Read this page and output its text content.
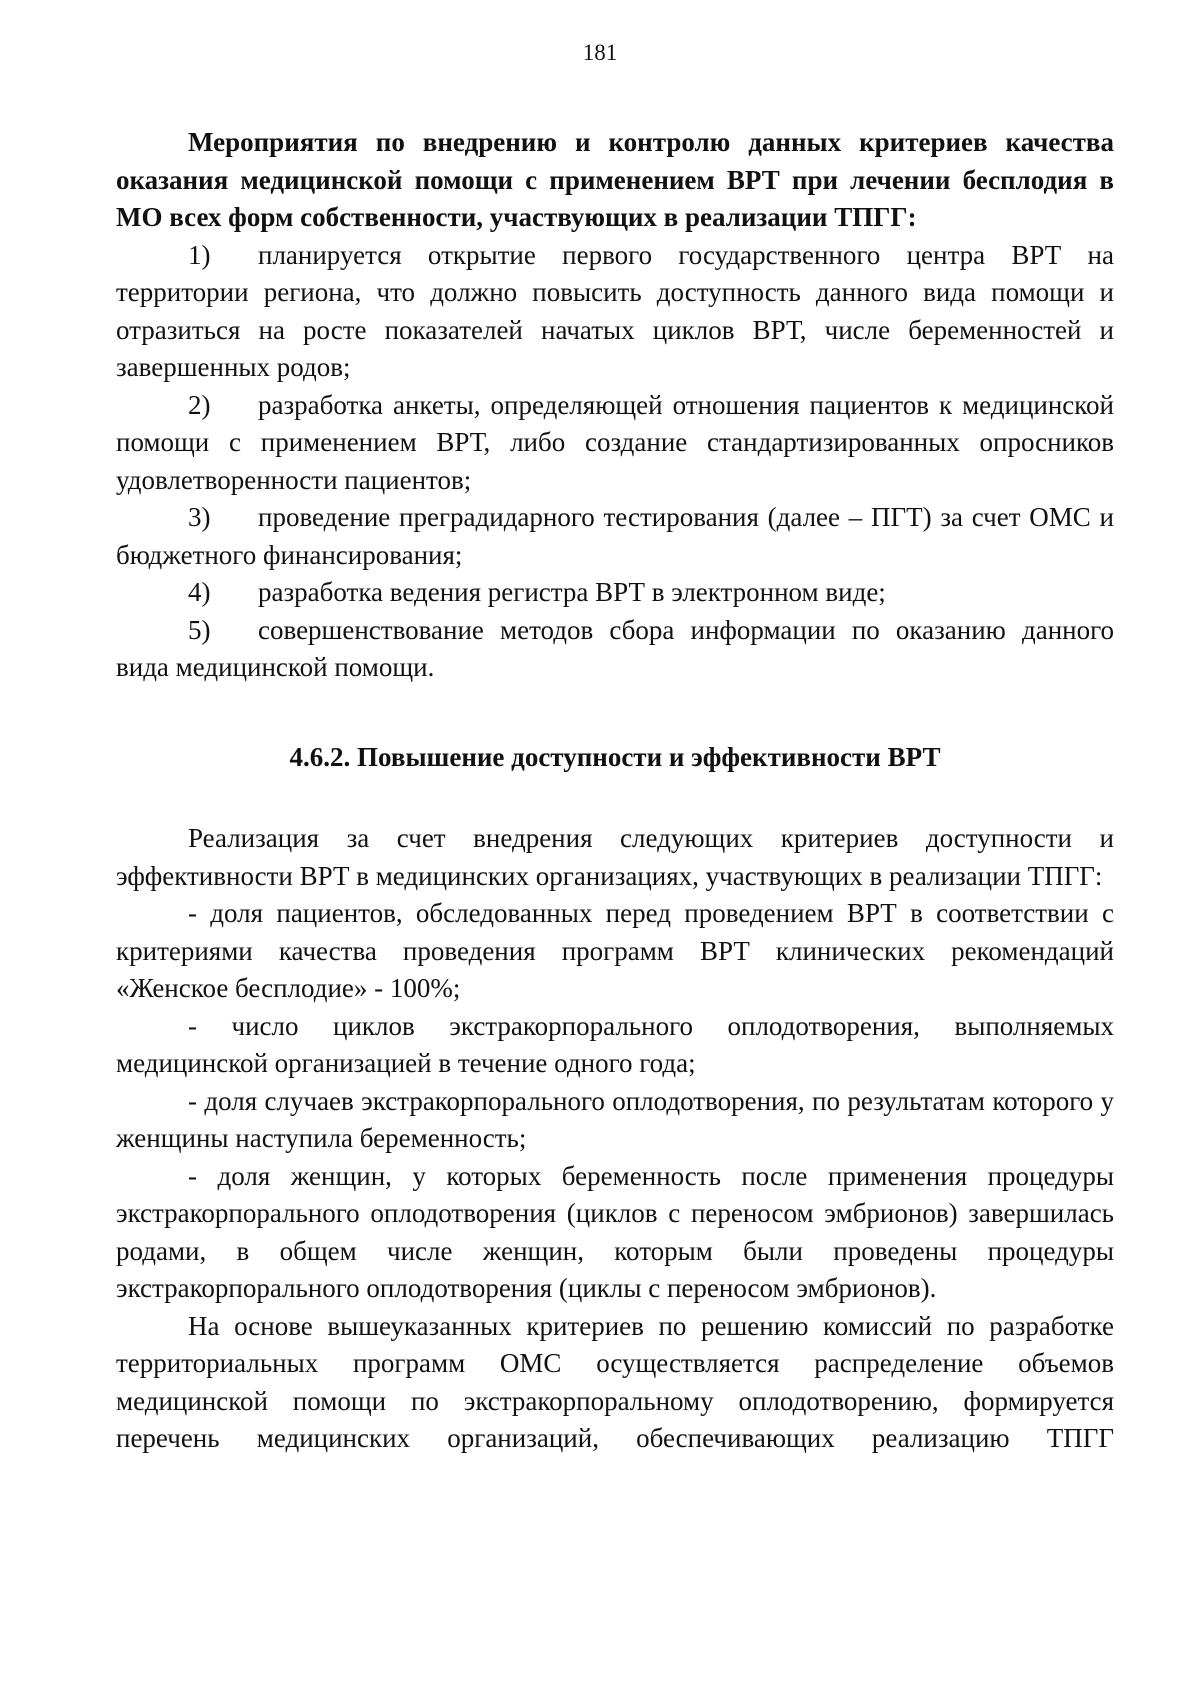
181

Мероприятия по внедрению и контролю данных критериев качества оказания медицинской помощи с применением ВРТ при лечении бесплодия в МО всех форм собственности, участвующих в реализации ТПГГ:

1) планируется открытие первого государственного центра ВРТ на территории региона, что должно повысить доступность данного вида помощи и отразиться на росте показателей начатых циклов ВРТ, числе беременностей и завершенных родов;

2) разработка анкеты, определяющей отношения пациентов к медицинской помощи с применением ВРТ, либо создание стандартизированных опросников удовлетворенности пациентов;

3) проведение преградидарного тестирования (далее – ПГТ) за счет ОМС и бюджетного финансирования;

4) разработка ведения регистра ВРТ в электронном виде;

5) совершенствование методов сбора информации по оказанию данного вида медицинской помощи.

4.6.2. Повышение доступности и эффективности ВРТ

Реализация за счет внедрения следующих критериев доступности и эффективности ВРТ в медицинских организациях, участвующих в реализации ТПГГ:

- доля пациентов, обследованных перед проведением ВРТ в соответствии с критериями качества проведения программ ВРТ клинических рекомендаций «Женское бесплодие» - 100%;

- число циклов экстракорпорального оплодотворения, выполняемых медицинской организацией в течение одного года;

- доля случаев экстракорпорального оплодотворения, по результатам которого у женщины наступила беременность;

- доля женщин, у которых беременность после применения процедуры экстракорпорального оплодотворения (циклов с переносом эмбрионов) завершилась родами, в общем числе женщин, которым были проведены процедуры экстракорпорального оплодотворения (циклы с переносом эмбрионов).

На основе вышеуказанных критериев по решению комиссий по разработке территориальных программ ОМС осуществляется распределение объемов медицинской помощи по экстракорпоральному оплодотворению, формируется перечень медицинских организаций, обеспечивающих реализацию ТПГГ
